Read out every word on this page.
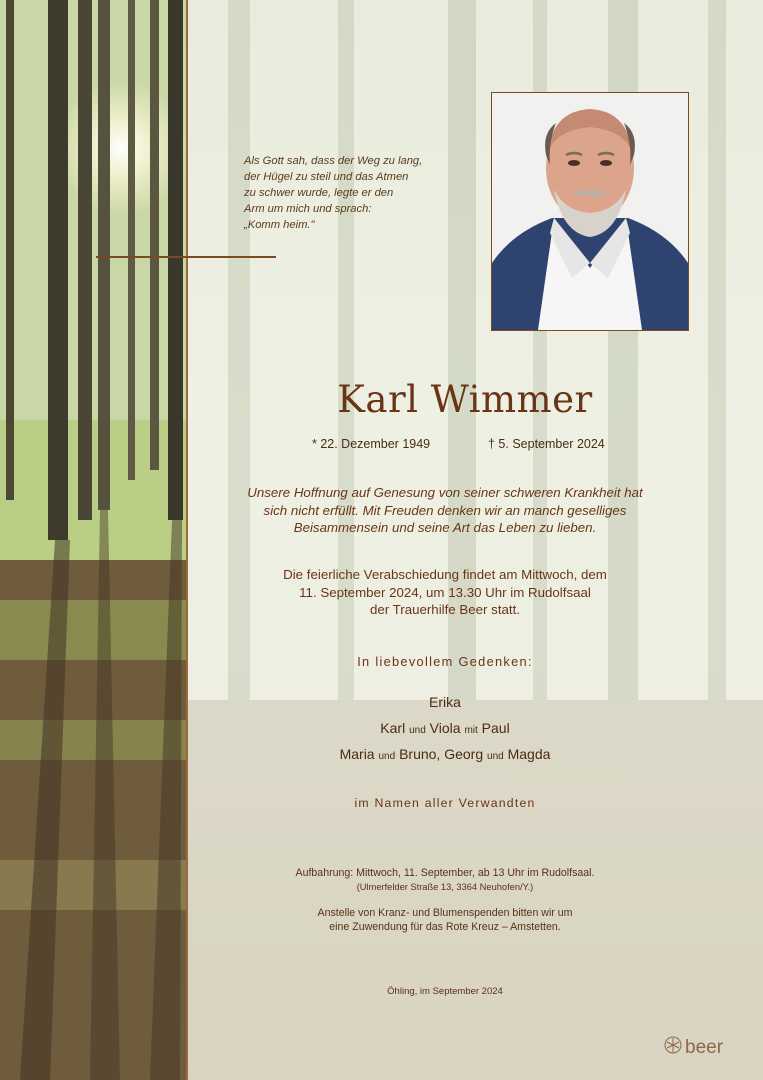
Als Gott sah, dass der Weg zu lang,
der Hügel zu steil und das Atmen
zu schwer wurde, legte er den
Arm um mich und sprach:
„Komm heim."
Karl Wimmer
* 22. Dezember 1949	† 5. September 2024
Unsere Hoffnung auf Genesung von seiner schweren Krankheit hat
sich nicht erfüllt. Mit Freuden denken wir an manch geselliges
Beisammensein und seine Art das Leben zu lieben.
Die feierliche Verabschiedung findet am Mittwoch, dem
11. September 2024, um 13.30 Uhr im Rudolfsaal
der Trauerhilfe Beer statt.
In liebevollem Gedenken:
Erika
Karl und Viola mit Paul
Maria und Bruno, Georg und Magda
im Namen aller Verwandten
Aufbahrung: Mittwoch, 11. September, ab 13 Uhr im Rudolfsaal.
(Ulmerfelder Straße 13, 3364 Neuhofen/Y.)
Anstelle von Kranz- und Blumenspenden bitten wir um
eine Zuwendung für das Rote Kreuz – Amstetten.
Öhling, im September 2024
beer
